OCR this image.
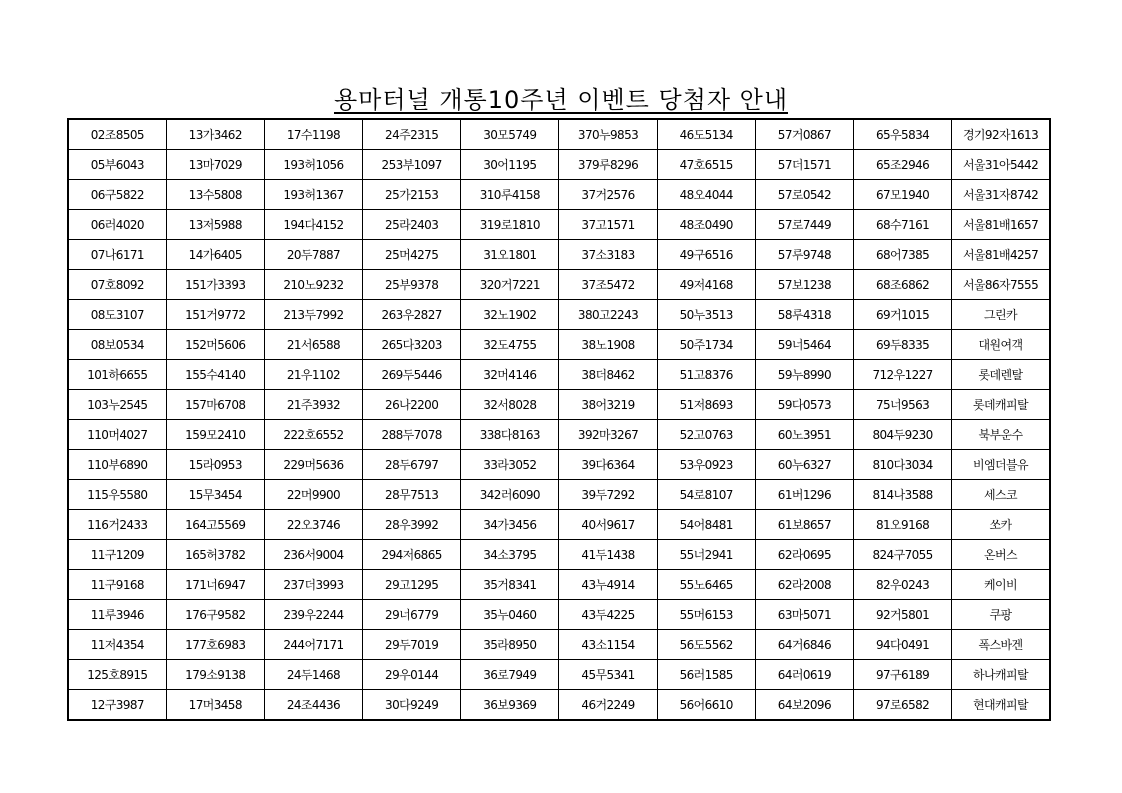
용마터널 개통10주년 이벤트 당첨자 안내
02조8505	13가3462	17수1198	24주2315	30모5749	370누9853	46도5134	57거0867	65우5834	경기92자1613
05부6043	13마7029	193허1056	253부1097	30어1195	379루8296	47호6515	57더1571	65조2946	서울31아5442
06구5822	13수5808	193허1367	25가2153	310루4158	37거2576	48오4044	57로0542	67모1940	서울31자8742
06러4020	13저5988	194다4152	25라2403	319로1810	37고1571	48조0490	57로7449	68수7161	서울81배1657
07나6171	14가6405	20두7887	25머4275	31오1801	37소3183	49구6516	57루9748	68어7385	서울81배4257
07호8092	151가3393	210노9232	25부9378	320거7221	37조5472	49저4168	57보1238	68조6862	서울86자7555
08도3107	151거9772	213두7992	263우2827	32노1902	380고2243	50누3513	58루4318	69거1015	그린카
08보0534	152머5606	21서6588	265다3203	32도4755	38노1908	50주1734	59너5464	69두8335	대원여객
101하6655	155수4140	21우1102	269두5446	32머4146	38더8462	51고8376	59누8990	712우1227	롯데렌탈
103누2545	157마6708	21주3932	26나2200	32서8028	38어3219	51저8693	59다0573	75너9563	롯데캐피탈
110머4027	159모2410	222호6552	288두7078	338다8163	392마3267	52고0763	60노3951	804두9230	북부운수
110부6890	15라0953	229머5636	28두6797	33라3052	39다6364	53우0923	60누6327	810다3034	비엠더블유
115우5580	15무3454	22머9900	28무7513	342러6090	39두7292	54로8107	61버1296	814나3588	세스코
116거2433	164고5569	22오3746	28우3992	34가3456	40서9617	54어8481	61보8657	81오9168	쏘카
11구1209	165허3782	236서9004	294저6865	34소3795	41두1438	55너2941	62라0695	824구7055	온버스
11구9168	171너6947	237더3993	29고1295	35거8341	43누4914	55노6465	62라2008	82우0243	케이비
11루3946	176구9582	239우2244	29너6779	35누0460	43두4225	55머6153	63마5071	92거5801	쿠팡
11저4354	177호6983	244어7171	29두7019	35라8950	43소1154	56도5562	64거6846	94다0491	폭스바겐
125호8915	179소9138	24두1468	29우0144	36로7949	45무5341	56러1585	64러0619	97구6189	하나캐피탈
12구3987	17머3458	24조4436	30다9249	36보9369	46거2249	56어6610	64보2096	97로6582	현대캐피탈
